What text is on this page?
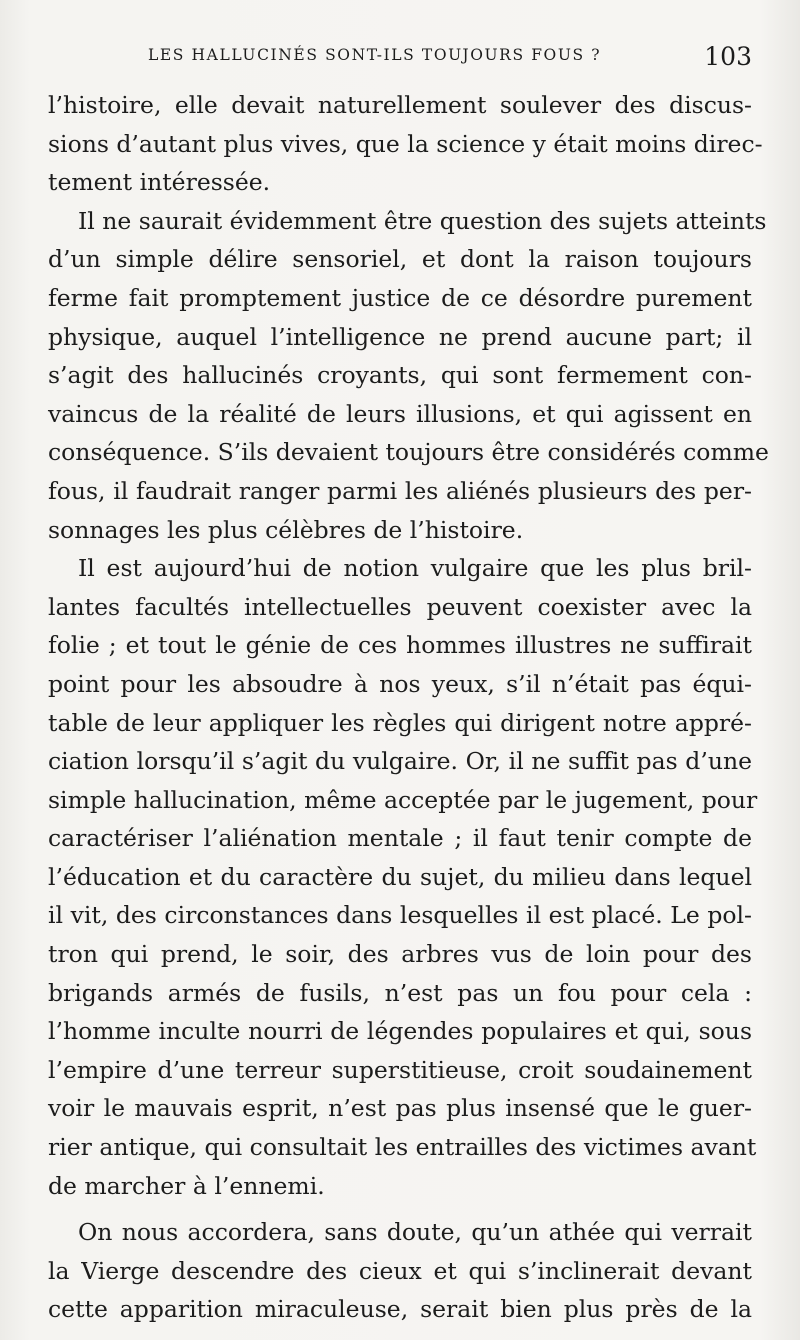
LES HALLUCINÉS SONT-ILS TOUJOURS FOUS ?	103

l’histoire, elle devait naturellement soulever des discus-
sions d’autant plus vives, que la science y était moins direc-
tement intéressée.

Il ne saurait évidemment être question des sujets atteints
d’un simple délire sensoriel, et dont la raison toujours
ferme fait promptement justice de ce désordre purement
physique, auquel l’intelligence ne prend aucune part; il
s’agit des hallucinés croyants, qui sont fermement con-
vaincus de la réalité de leurs illusions, et qui agissent en
conséquence. S’ils devaient toujours être considérés comme
fous, il faudrait ranger parmi les aliénés plusieurs des per-
sonnages les plus célèbres de l’histoire.

Il est aujourd’hui de notion vulgaire que les plus bril-
lantes facultés intellectuelles peuvent coexister avec la
folie ; et tout le génie de ces hommes illustres ne suffirait
point pour les absoudre à nos yeux, s’il n’était pas équi-
table de leur appliquer les règles qui dirigent notre appré-
ciation lorsqu’il s’agit du vulgaire. Or, il ne suffit pas d’une
simple hallucination, même acceptée par le jugement, pour
caractériser l’aliénation mentale ; il faut tenir compte de
l’éducation et du caractère du sujet, du milieu dans lequel
il vit, des circonstances dans lesquelles il est placé. Le pol-
tron qui prend, le soir, des arbres vus de loin pour des
brigands armés de fusils, n’est pas un fou pour cela :
l’homme inculte nourri de légendes populaires et qui, sous
l’empire d’une terreur superstitieuse, croit soudainement
voir le mauvais esprit, n’est pas plus insensé que le guer-
rier antique, qui consultait les entrailles des victimes avant
de marcher à l’ennemi.

On nous accordera, sans doute, qu’un athée qui verrait
la Vierge descendre des cieux et qui s’inclinerait devant
cette apparition miraculeuse, serait bien plus près de la
